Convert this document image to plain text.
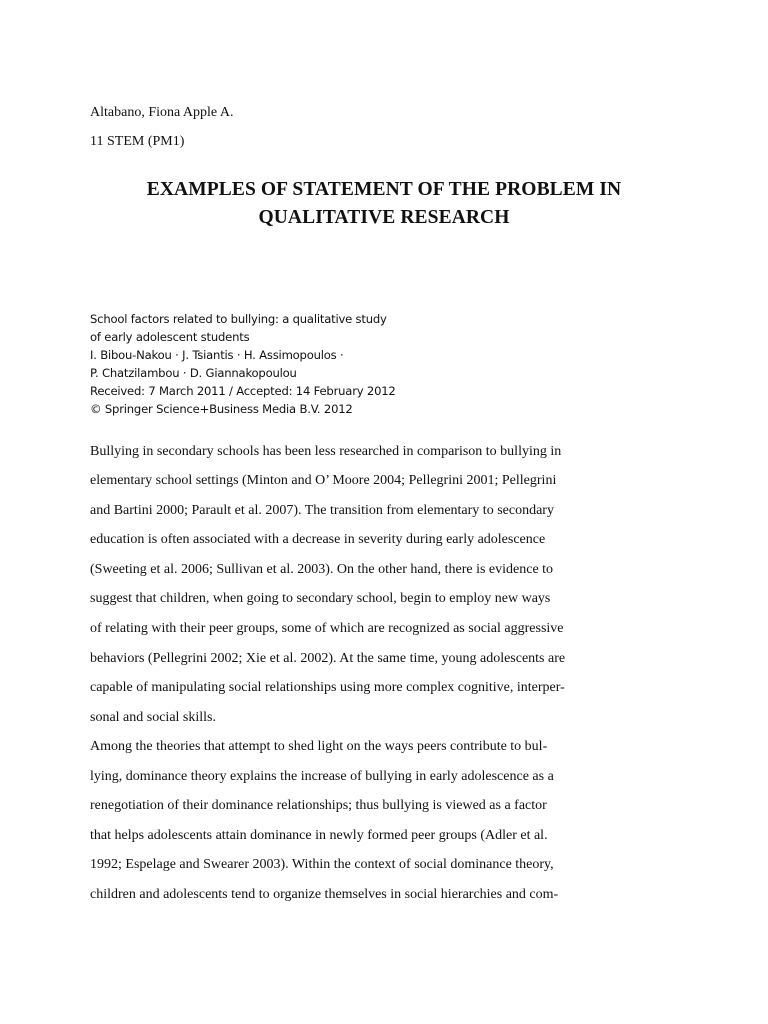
Altabano, Fiona Apple A.
11 STEM (PM1)
EXAMPLES OF STATEMENT OF THE PROBLEM IN
QUALITATIVE RESEARCH
School factors related to bullying: a qualitative study
of early adolescent students
I. Bibou-Nakou · J. Tsiantis · H. Assimopoulos ·
P. Chatzilambou · D. Giannakopoulou
Received: 7 March 2011 / Accepted: 14 February 2012
© Springer Science+Business Media B.V. 2012
Bullying in secondary schools has been less researched in comparison to bullying in
elementary school settings (Minton and O’ Moore 2004; Pellegrini 2001; Pellegrini
and Bartini 2000; Parault et al. 2007). The transition from elementary to secondary
education is often associated with a decrease in severity during early adolescence
(Sweeting et al. 2006; Sullivan et al. 2003). On the other hand, there is evidence to
suggest that children, when going to secondary school, begin to employ new ways
of relating with their peer groups, some of which are recognized as social aggressive
behaviors (Pellegrini 2002; Xie et al. 2002). At the same time, young adolescents are
capable of manipulating social relationships using more complex cognitive, interper-
sonal and social skills.
Among the theories that attempt to shed light on the ways peers contribute to bul-
lying, dominance theory explains the increase of bullying in early adolescence as a
renegotiation of their dominance relationships; thus bullying is viewed as a factor
that helps adolescents attain dominance in newly formed peer groups (Adler et al.
1992; Espelage and Swearer 2003). Within the context of social dominance theory,
children and adolescents tend to organize themselves in social hierarchies and com-
